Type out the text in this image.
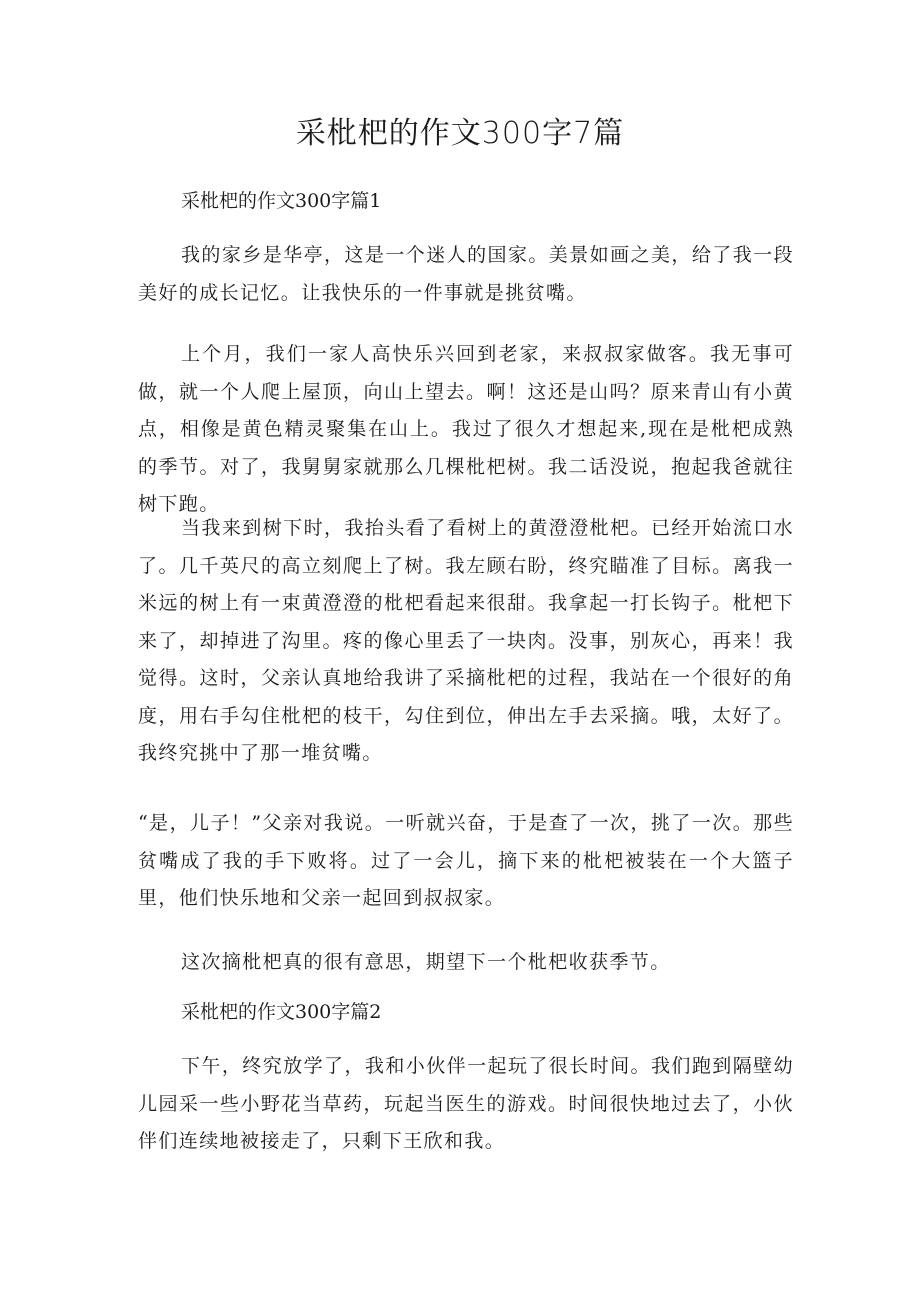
采枇杷的作文300字7篇
采枇杷的作文300字篇1

我的家乡是华亭，这是一个迷人的国家。美景如画之美，给了我一段美好的成长记忆。让我快乐的一件事就是挑贫嘴。

上个月，我们一家人高快乐兴回到老家，来叔叔家做客。我无事可做，就一个人爬上屋顶，向山上望去。啊！这还是山吗？原来青山有小黄点，相像是黄色精灵聚集在山上。我过了很久才想起来,现在是枇杷成熟的季节。对了，我舅舅家就那么几棵枇杷树。我二话没说，抱起我爸就往树下跑。

当我来到树下时，我抬头看了看树上的黄澄澄枇杷。已经开始流口水了。几千英尺的高立刻爬上了树。我左顾右盼，终究瞄准了目标。离我一米远的树上有一束黄澄澄的枇杷看起来很甜。我拿起一打长钩子。枇杷下来了，却掉进了沟里。疼的像心里丢了一块肉。没事，别灰心，再来！我觉得。这时，父亲认真地给我讲了采摘枇杷的过程，我站在一个很好的角度，用右手勾住枇杷的枝干，勾住到位，伸出左手去采摘。哦，太好了。我终究挑中了那一堆贫嘴。

“是，儿子！”父亲对我说。一听就兴奋，于是查了一次，挑了一次。那些贫嘴成了我的手下败将。过了一会儿，摘下来的枇杷被装在一个大篮子里，他们快乐地和父亲一起回到叔叔家。

这次摘枇杷真的很有意思，期望下一个枇杷收获季节。

采枇杷的作文300字篇2

下午，终究放学了，我和小伙伴一起玩了很长时间。我们跑到隔壁幼儿园采一些小野花当草药，玩起当医生的游戏。时间很快地过去了，小伙伴们连续地被接走了，只剩下王欣和我。
